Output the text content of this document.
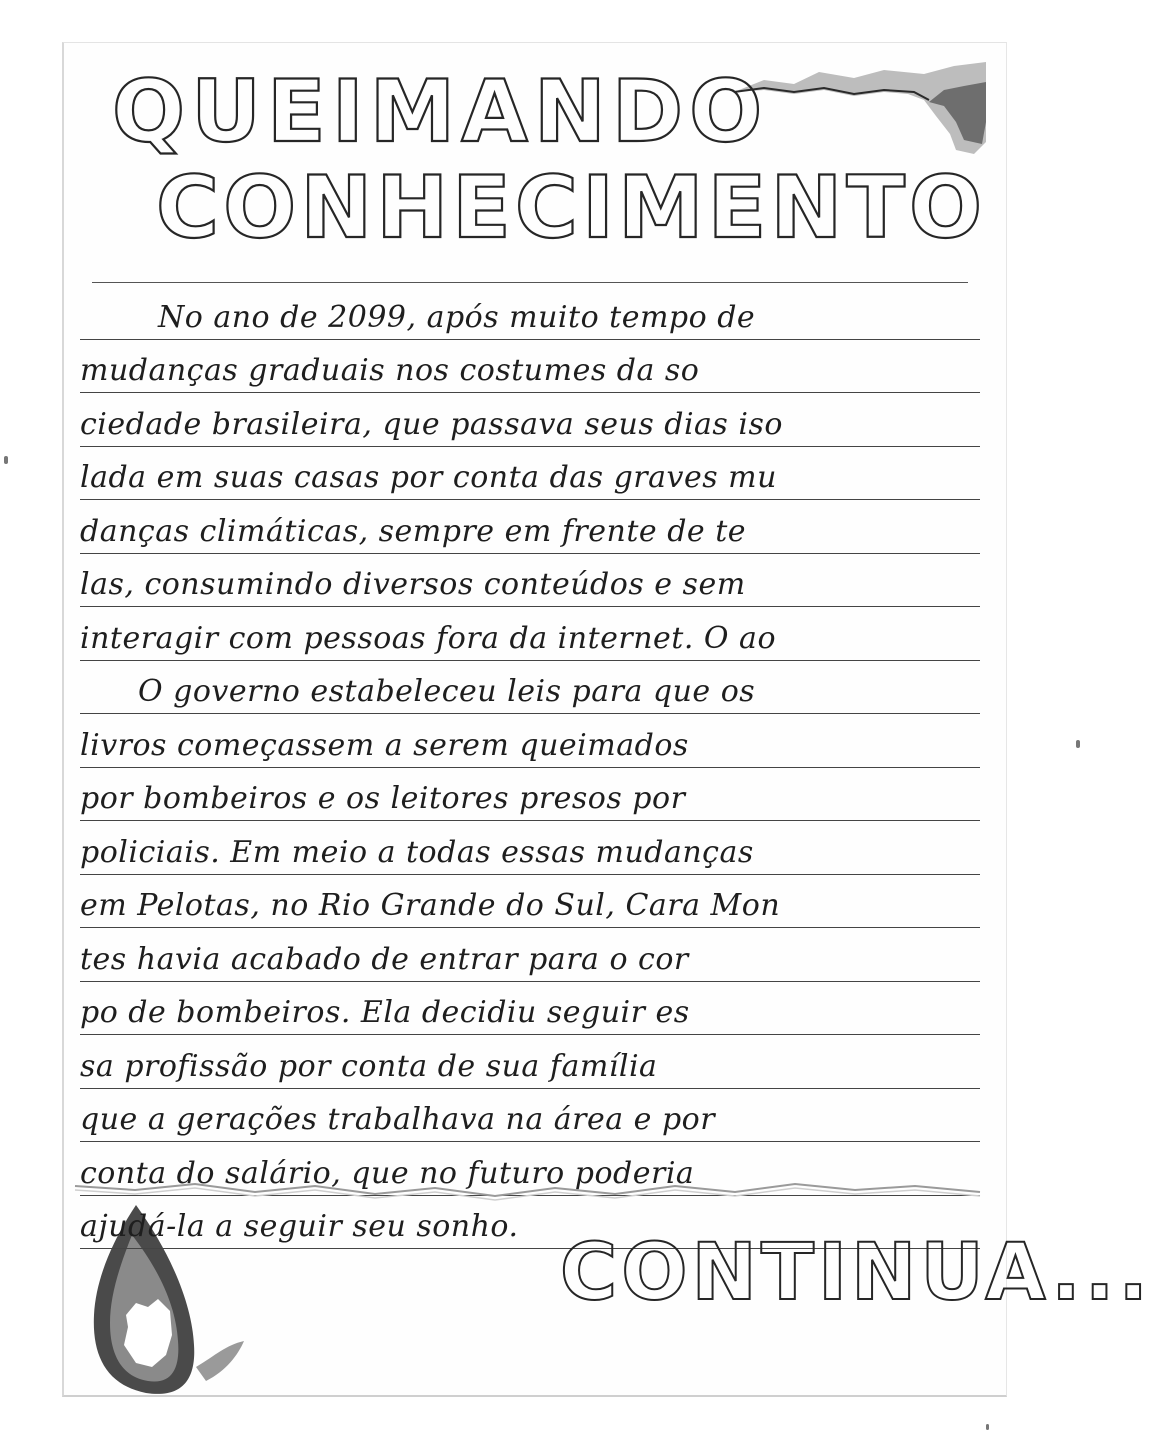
QUEIMANDO
CONHECIMENTO
No ano de 2099, após muito tempo de
mudanças graduais nos costumes da so
ciedade brasileira, que passava seus dias iso
lada em suas casas por conta das graves mu
danças climáticas, sempre em frente de te
las, consumindo diversos conteúdos e sem
interagir com pessoas fora da internet. O ao
O governo estabeleceu leis para que os
livros começassem a serem queimados
por bombeiros e os leitores presos por
policiais. Em meio a todas essas mudanças
em Pelotas, no Rio Grande do Sul, Cara Mon
tes havia acabado de entrar para o cor
po de bombeiros. Ela decidiu seguir es
sa profissão por conta de sua família
que a gerações trabalhava na área e por
conta do salário, que no futuro poderia
ajudá-la a seguir seu sonho.
CONTINUA...
